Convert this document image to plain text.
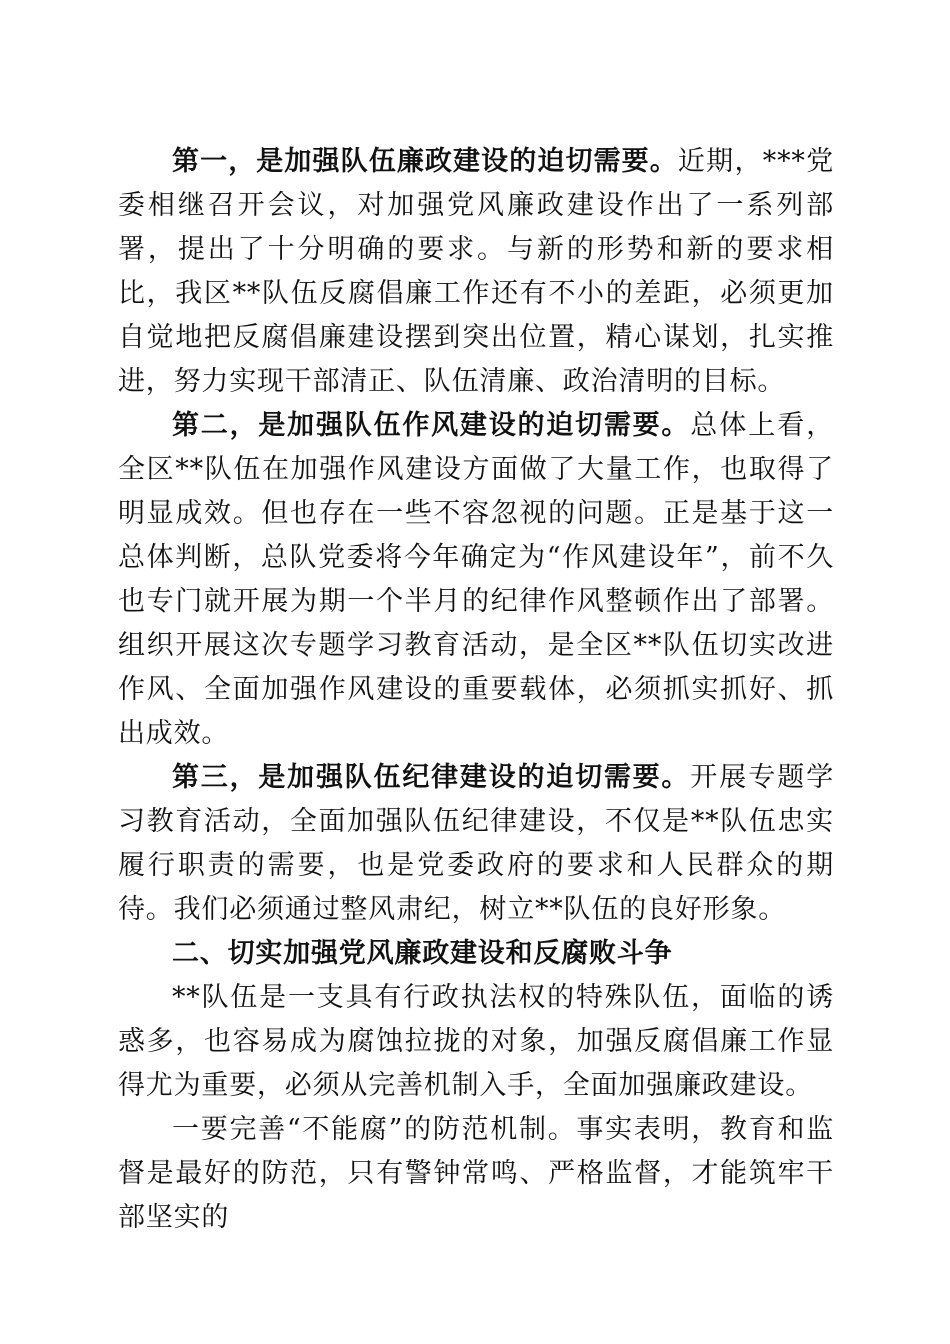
第一，是加强队伍廉政建设的迫切需要。近期，***党委相继召开会议，对加强党风廉政建设作出了一系列部署，提出了十分明确的要求。与新的形势和新的要求相比，我区**队伍反腐倡廉工作还有不小的差距，必须更加自觉地把反腐倡廉建设摆到突出位置，精心谋划，扎实推进，努力实现干部清正、队伍清廉、政治清明的目标。

第二，是加强队伍作风建设的迫切需要。总体上看，全区**队伍在加强作风建设方面做了大量工作，也取得了明显成效。但也存在一些不容忽视的问题。正是基于这一总体判断，总队党委将今年确定为“作风建设年”，前不久也专门就开展为期一个半月的纪律作风整顿作出了部署。组织开展这次专题学习教育活动，是全区**队伍切实改进作风、全面加强作风建设的重要载体，必须抓实抓好、抓出成效。

第三，是加强队伍纪律建设的迫切需要。开展专题学习教育活动，全面加强队伍纪律建设，不仅是**队伍忠实履行职责的需要，也是党委政府的要求和人民群众的期待。我们必须通过整风肃纪，树立**队伍的良好形象。

二、切实加强党风廉政建设和反腐败斗争

**队伍是一支具有行政执法权的特殊队伍，面临的诱惑多，也容易成为腐蚀拉拢的对象，加强反腐倡廉工作显得尤为重要，必须从完善机制入手，全面加强廉政建设。

一要完善“不能腐”的防范机制。事实表明，教育和监督是最好的防范，只有警钟常鸣、严格监督，才能筑牢干部坚实的
